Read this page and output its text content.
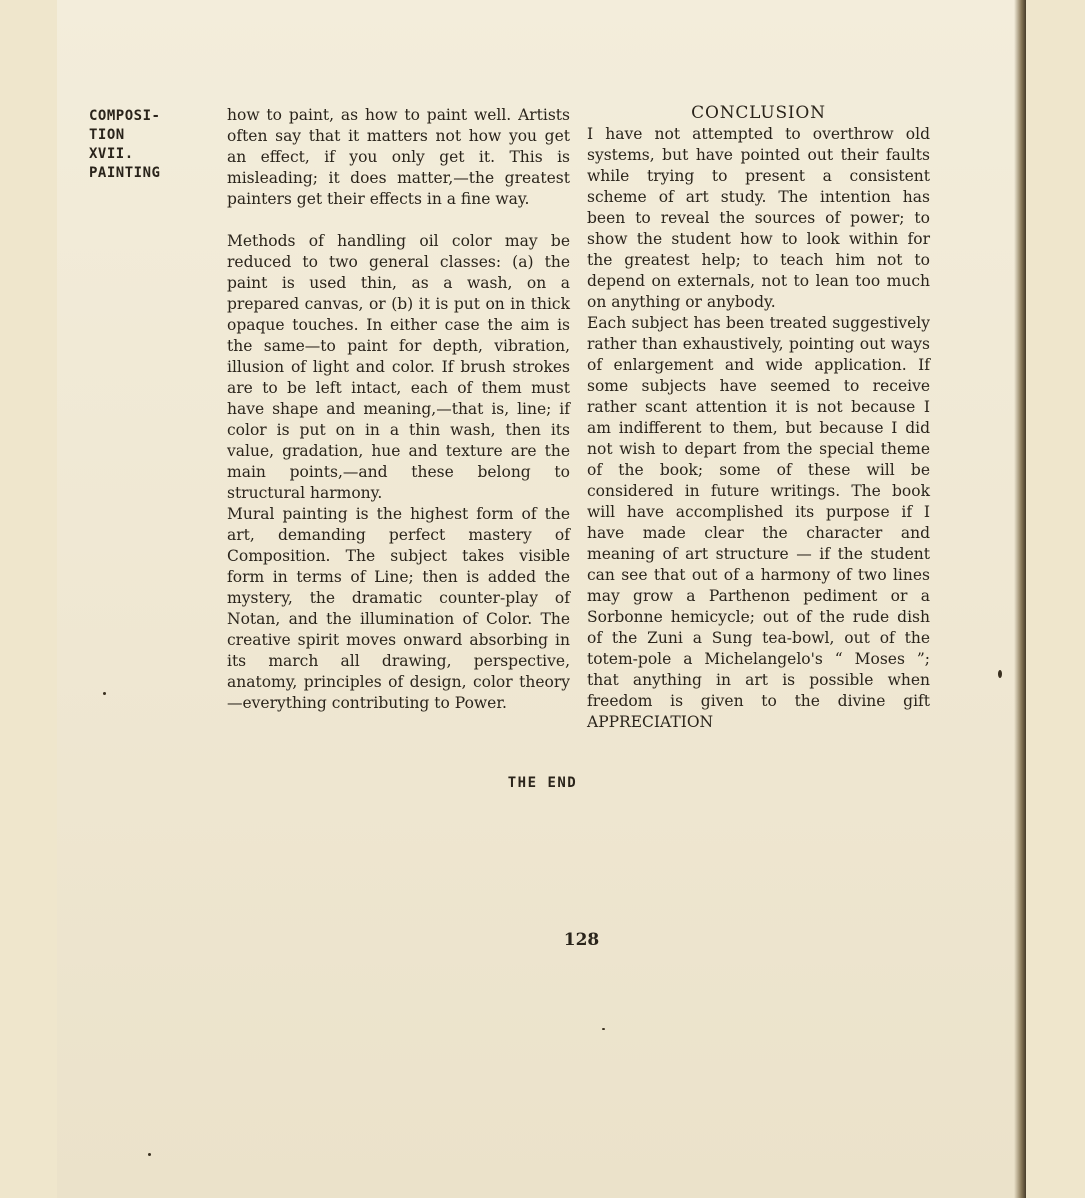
COMPOSI-
TION
XVII.
PAINTING

how to paint, as how to paint well. Artists often say that it matters not how you get an effect, if you only get it. This is misleading; it does matter,—the greatest painters get their effects in a fine way.

Methods of handling oil color may be reduced to two general classes: (a) the paint is used thin, as a wash, on a prepared canvas, or (b) it is put on in thick opaque touches. In either case the aim is the same—to paint for depth, vibration, illusion of light and color. If brush strokes are to be left intact, each of them must have shape and meaning,—that is, line; if color is put on in a thin wash, then its value, gradation, hue and texture are the main points,—and these belong to structural harmony.

Mural painting is the highest form of the art, demanding perfect mastery of Composition. The subject takes visible form in terms of Line; then is added the mystery, the dramatic counter-play of Notan, and the illumination of Color. The creative spirit moves onward absorbing in its march all drawing, perspective, anatomy, principles of design, color theory —everything contributing to Power.

CONCLUSION

I have not attempted to overthrow old systems, but have pointed out their faults while trying to present a consistent scheme of art study. The intention has been to reveal the sources of power; to show the student how to look within for the greatest help; to teach him not to depend on externals, not to lean too much on anything or anybody.

Each subject has been treated suggestively rather than exhaustively, pointing out ways of enlargement and wide application. If some subjects have seemed to receive rather scant attention it is not because I am indifferent to them, but because I did not wish to depart from the special theme of the book; some of these will be considered in future writings. The book will have accomplished its purpose if I have made clear the character and meaning of art structure — if the student can see that out of a harmony of two lines may grow a Parthenon pediment or a Sorbonne hemicycle; out of the rude dish of the Zuni a Sung tea-bowl, out of the totem-pole a Michelangelo's “ Moses ”; that anything in art is possible when freedom is given to the divine gift APPRECIATION

THE END
128
